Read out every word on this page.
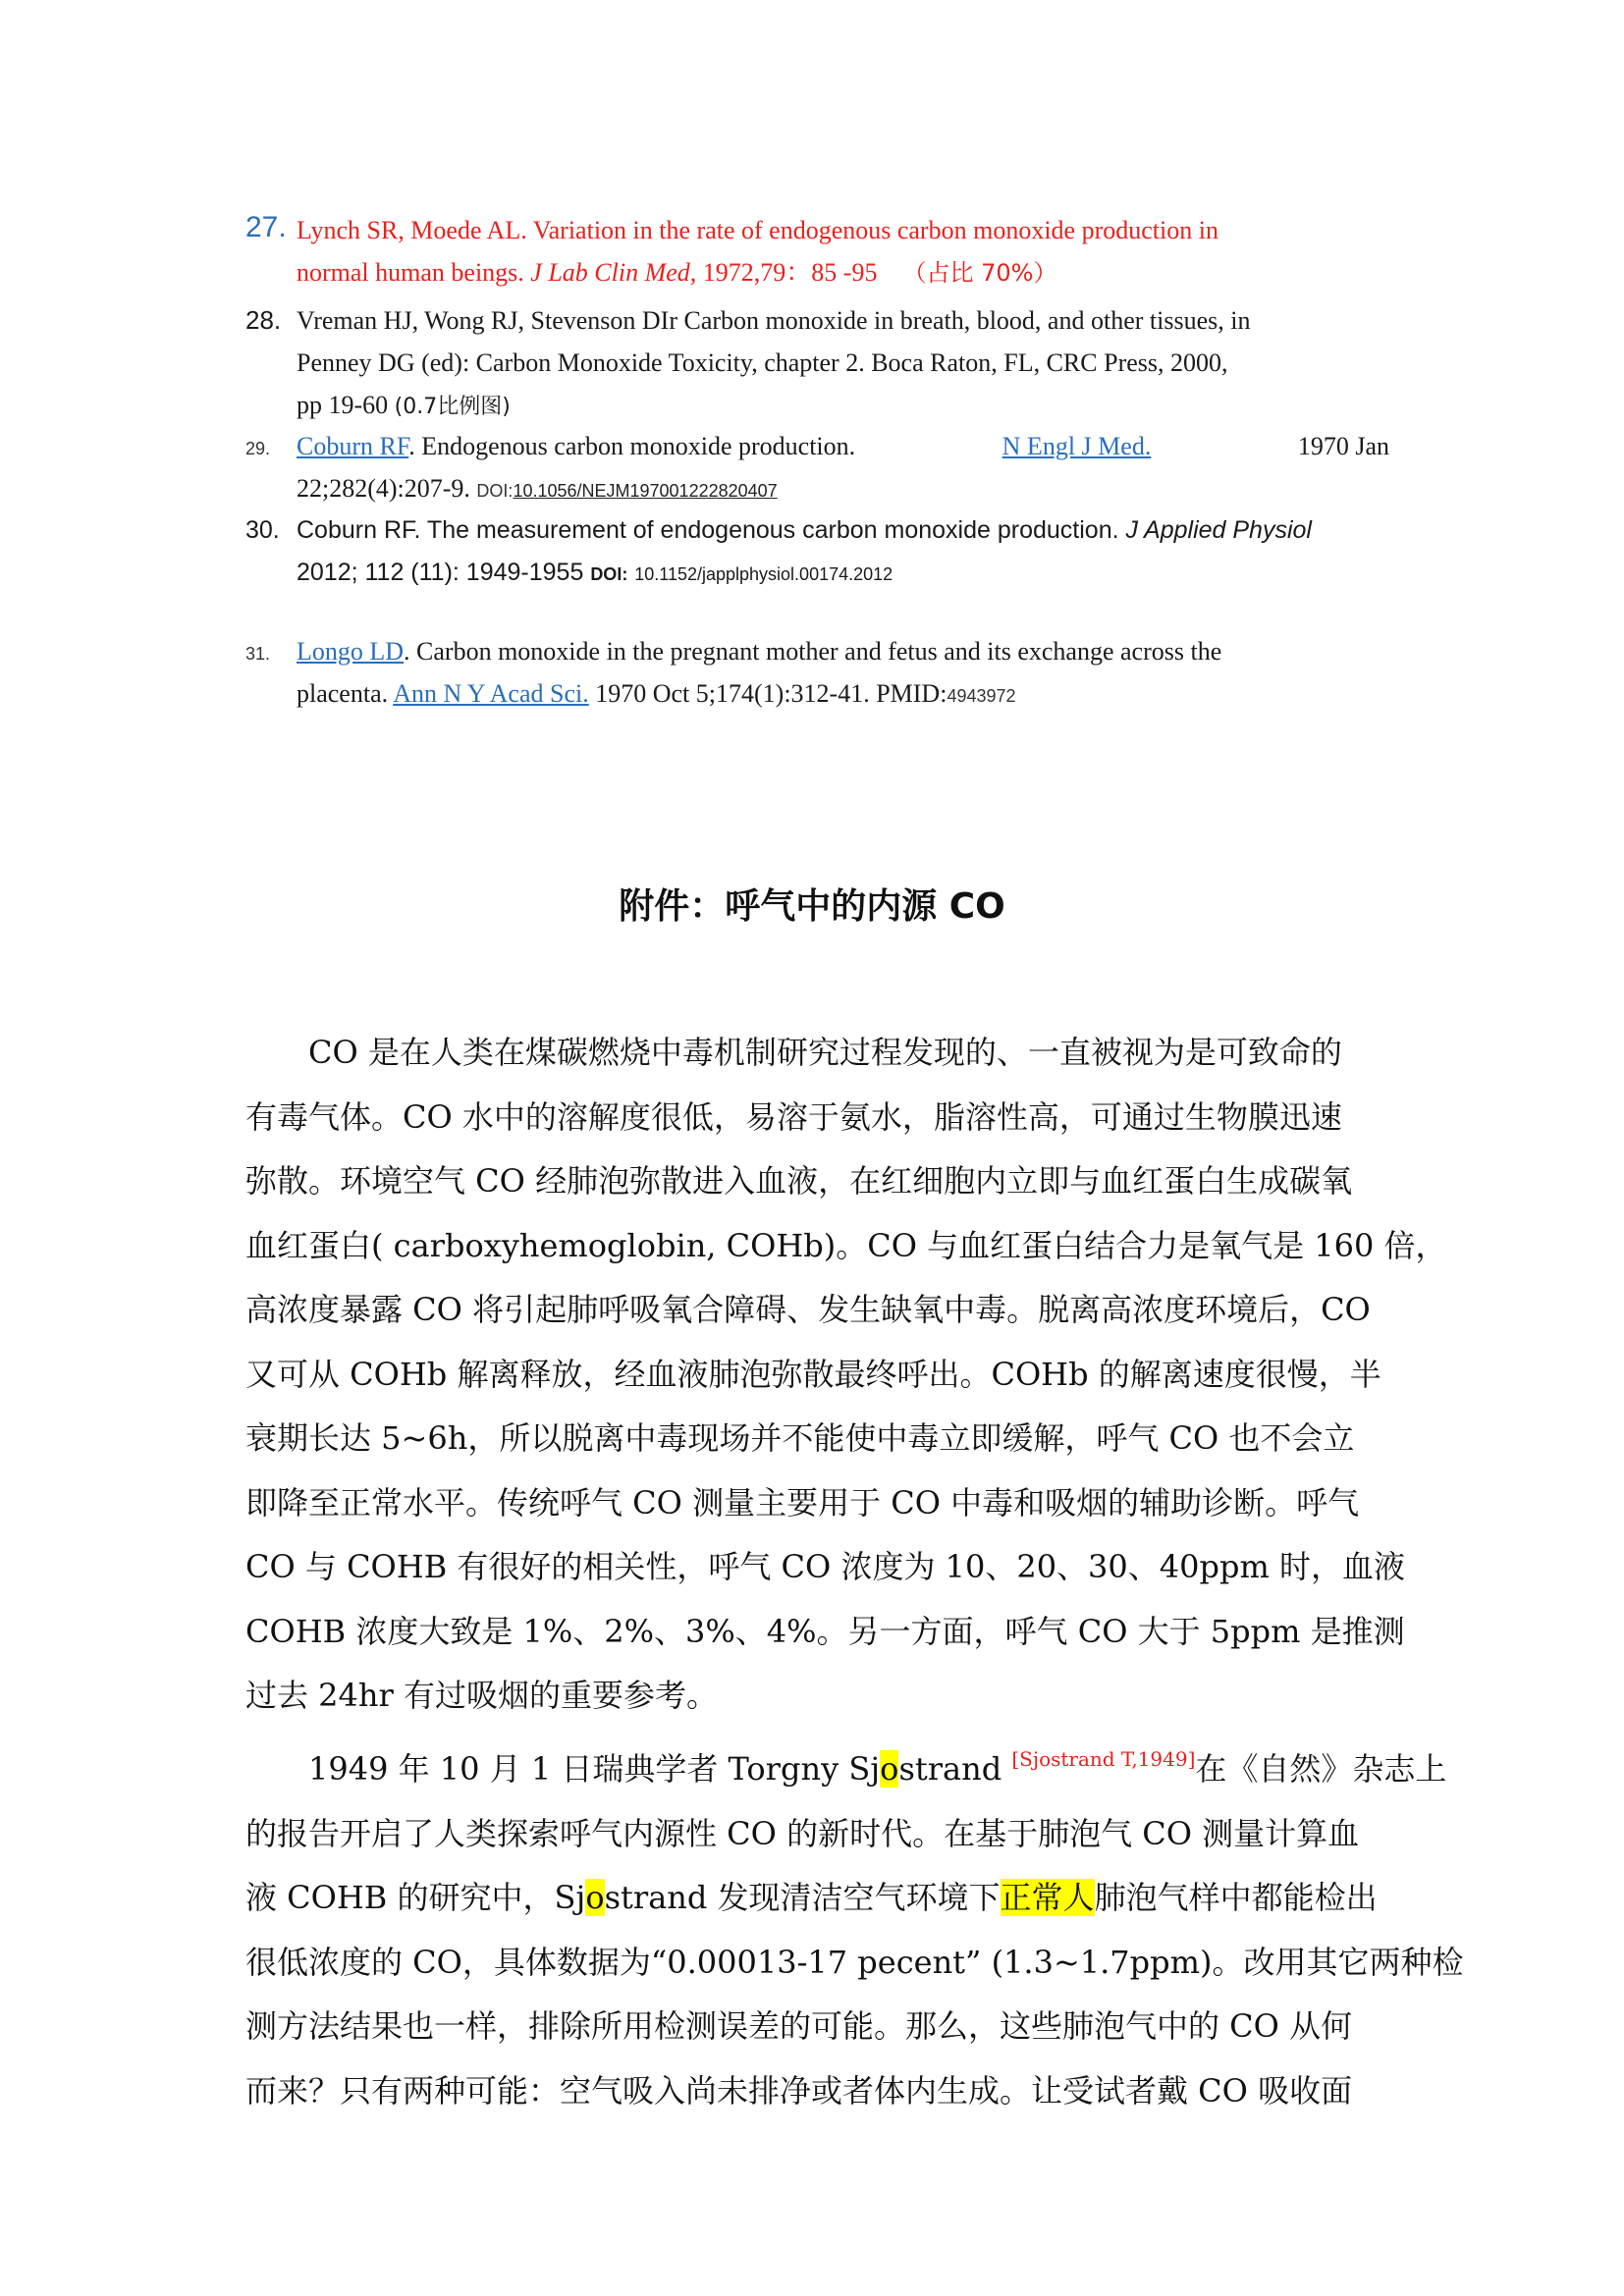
27. Lynch SR, Moede AL. Variation in the rate of endogenous carbon monoxide production in
normal human beings. J Lab Clin Med, 1972,79：85 -95 （占比 70%）
28. Vreman HJ, Wong RJ, Stevenson DIr Carbon monoxide in breath, blood, and other tissues, in
Penney DG (ed): Carbon Monoxide Toxicity, chapter 2. Boca Raton, FL, CRC Press, 2000,
pp 19-60 (0.7比例图)
29. Coburn RF. Endogenous carbon monoxide production.	N Engl J Med.	1970 Jan
22;282(4):207-9. DOI:10.1056/NEJM197001222820407
30. Coburn RF. The measurement of endogenous carbon monoxide production. J Applied Physiol
2012; 112 (11): 1949-1955 DOI: 10.1152/japplphysiol.00174.2012
31. Longo LD. Carbon monoxide in the pregnant mother and fetus and its exchange across the
placenta. Ann N Y Acad Sci. 1970 Oct 5;174(1):312-41. PMID:4943972
附件：呼气中的内源 CO
CO 是在人类在煤碳燃烧中毒机制研究过程发现的、一直被视为是可致命的
有毒气体。CO 水中的溶解度很低，易溶于氨水，脂溶性高，可通过生物膜迅速
弥散。环境空气 CO 经肺泡弥散进入血液，在红细胞内立即与血红蛋白生成碳氧
血红蛋白( carboxyhemoglobin, COHb)。CO 与血红蛋白结合力是氧气是 160 倍，
高浓度暴露 CO 将引起肺呼吸氧合障碍、发生缺氧中毒。脱离高浓度环境后，CO
又可从 COHb 解离释放，经血液肺泡弥散最终呼出。COHb 的解离速度很慢，半
衰期长达 5~6h，所以脱离中毒现场并不能使中毒立即缓解，呼气 CO 也不会立
即降至正常水平。传统呼气 CO 测量主要用于 CO 中毒和吸烟的辅助诊断。呼气
CO 与 COHB 有很好的相关性，呼气 CO 浓度为 10、20、30、40ppm 时，血液
COHB 浓度大致是 1%、2%、3%、4%。另一方面，呼气 CO 大于 5ppm 是推测
过去 24hr 有过吸烟的重要参考。
1949 年 10 月 1 日瑞典学者 Torgny Sjostrand [Sjostrand T,1949]在《自然》杂志上
的报告开启了人类探索呼气内源性 CO 的新时代。在基于肺泡气 CO 测量计算血
液 COHB 的研究中，Sjostrand 发现清洁空气环境下正常人肺泡气样中都能检出
很低浓度的 CO，具体数据为“0.00013-17 pecent” (1.3~1.7ppm)。改用其它两种检
测方法结果也一样，排除所用检测误差的可能。那么，这些肺泡气中的 CO 从何
而来？只有两种可能：空气吸入尚未排净或者体内生成。让受试者戴 CO 吸收面
